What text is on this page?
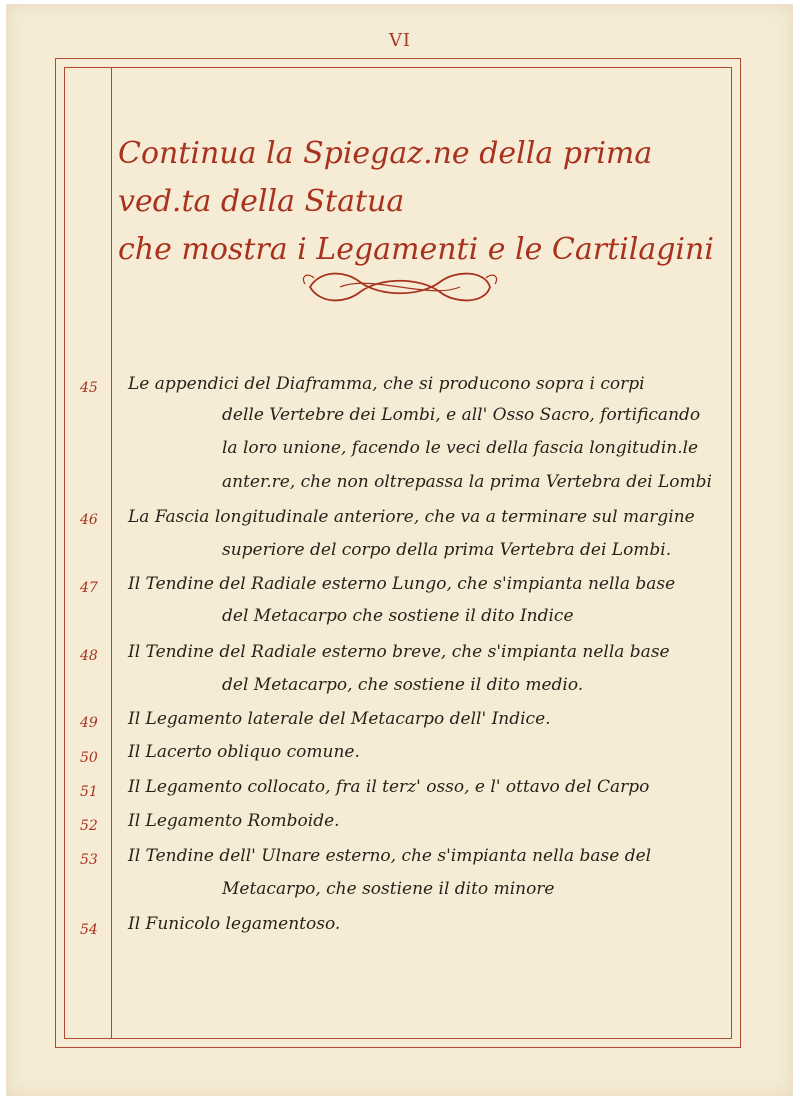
VI
Continua la Spiegaz.ne della prima ved.ta della Statua
che mostra i Legamenti e le Cartilagini
45	Le appendici del Diaframma, che si producono sopra i corpi
delle Vertebre dei Lombi, e all' Osso Sacro, fortificando
la loro unione, facendo le veci della fascia longitudin.le
anter.re, che non oltrepassa la prima Vertebra dei Lombi
46	La Fascia longitudinale anteriore, che va a terminare sul margine
superiore del corpo della prima Vertebra dei Lombi.
47	Il Tendine del Radiale esterno Lungo, che s'impianta nella base
del Metacarpo che sostiene il dito Indice
48	Il Tendine del Radiale esterno breve, che s'impianta nella base
del Metacarpo, che sostiene il dito medio.
49	Il Legamento laterale del Metacarpo dell' Indice.
50	Il Lacerto obliquo comune.
51	Il Legamento collocato, fra il terz' osso, e l' ottavo del Carpo
52	Il Legamento Romboide.
53	Il Tendine dell' Ulnare esterno, che s'impianta nella base del
Metacarpo, che sostiene il dito minore
54	Il Funicolo legamentoso.
